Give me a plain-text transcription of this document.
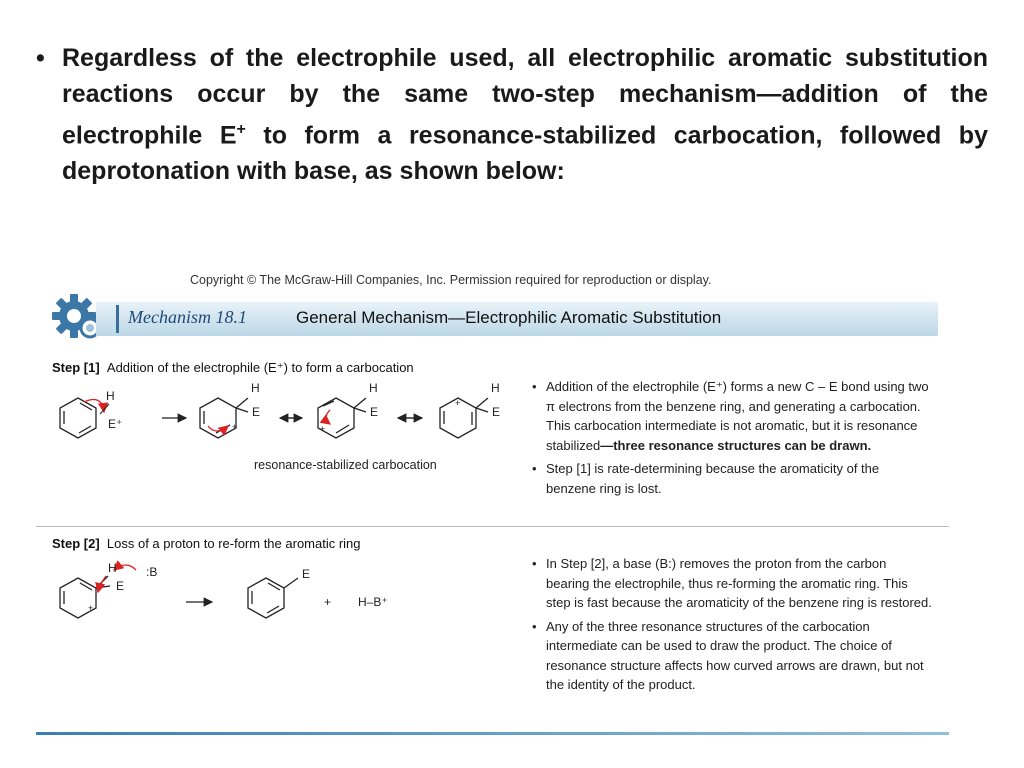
• Regardless of the electrophile used, all electrophilic aromatic substitution reactions occur by the same two-step mechanism—addition of the electrophile E+ to form a resonance-stabilized carbocation, followed by deprotonation with base, as shown below:
Copyright © The McGraw-Hill Companies, Inc. Permission required for reproduction or display.
Mechanism 18.1	General Mechanism—Electrophilic Aromatic Substitution
Step [1] Addition of the electrophile (E⁺) to form a carbocation
H
E⁺
H
E
+
H
E
+
H
E
+
resonance-stabilized carbocation
• Addition of the electrophile (E⁺) forms a new C – E bond using two π electrons from the benzene ring, and generating a carbocation. This carbocation intermediate is not aromatic, but it is resonance stabilized—three resonance structures can be drawn.
• Step [1] is rate-determining because the aromaticity of the benzene ring is lost.
Step [2] Loss of a proton to re-form the aromatic ring
H
E
:B
+
E
+ H–B⁺
• In Step [2], a base (B:) removes the proton from the carbon bearing the electrophile, thus re-forming the aromatic ring. This step is fast because the aromaticity of the benzene ring is restored.
• Any of the three resonance structures of the carbocation intermediate can be used to draw the product. The choice of resonance structure affects how curved arrows are drawn, but not the identity of the product.
